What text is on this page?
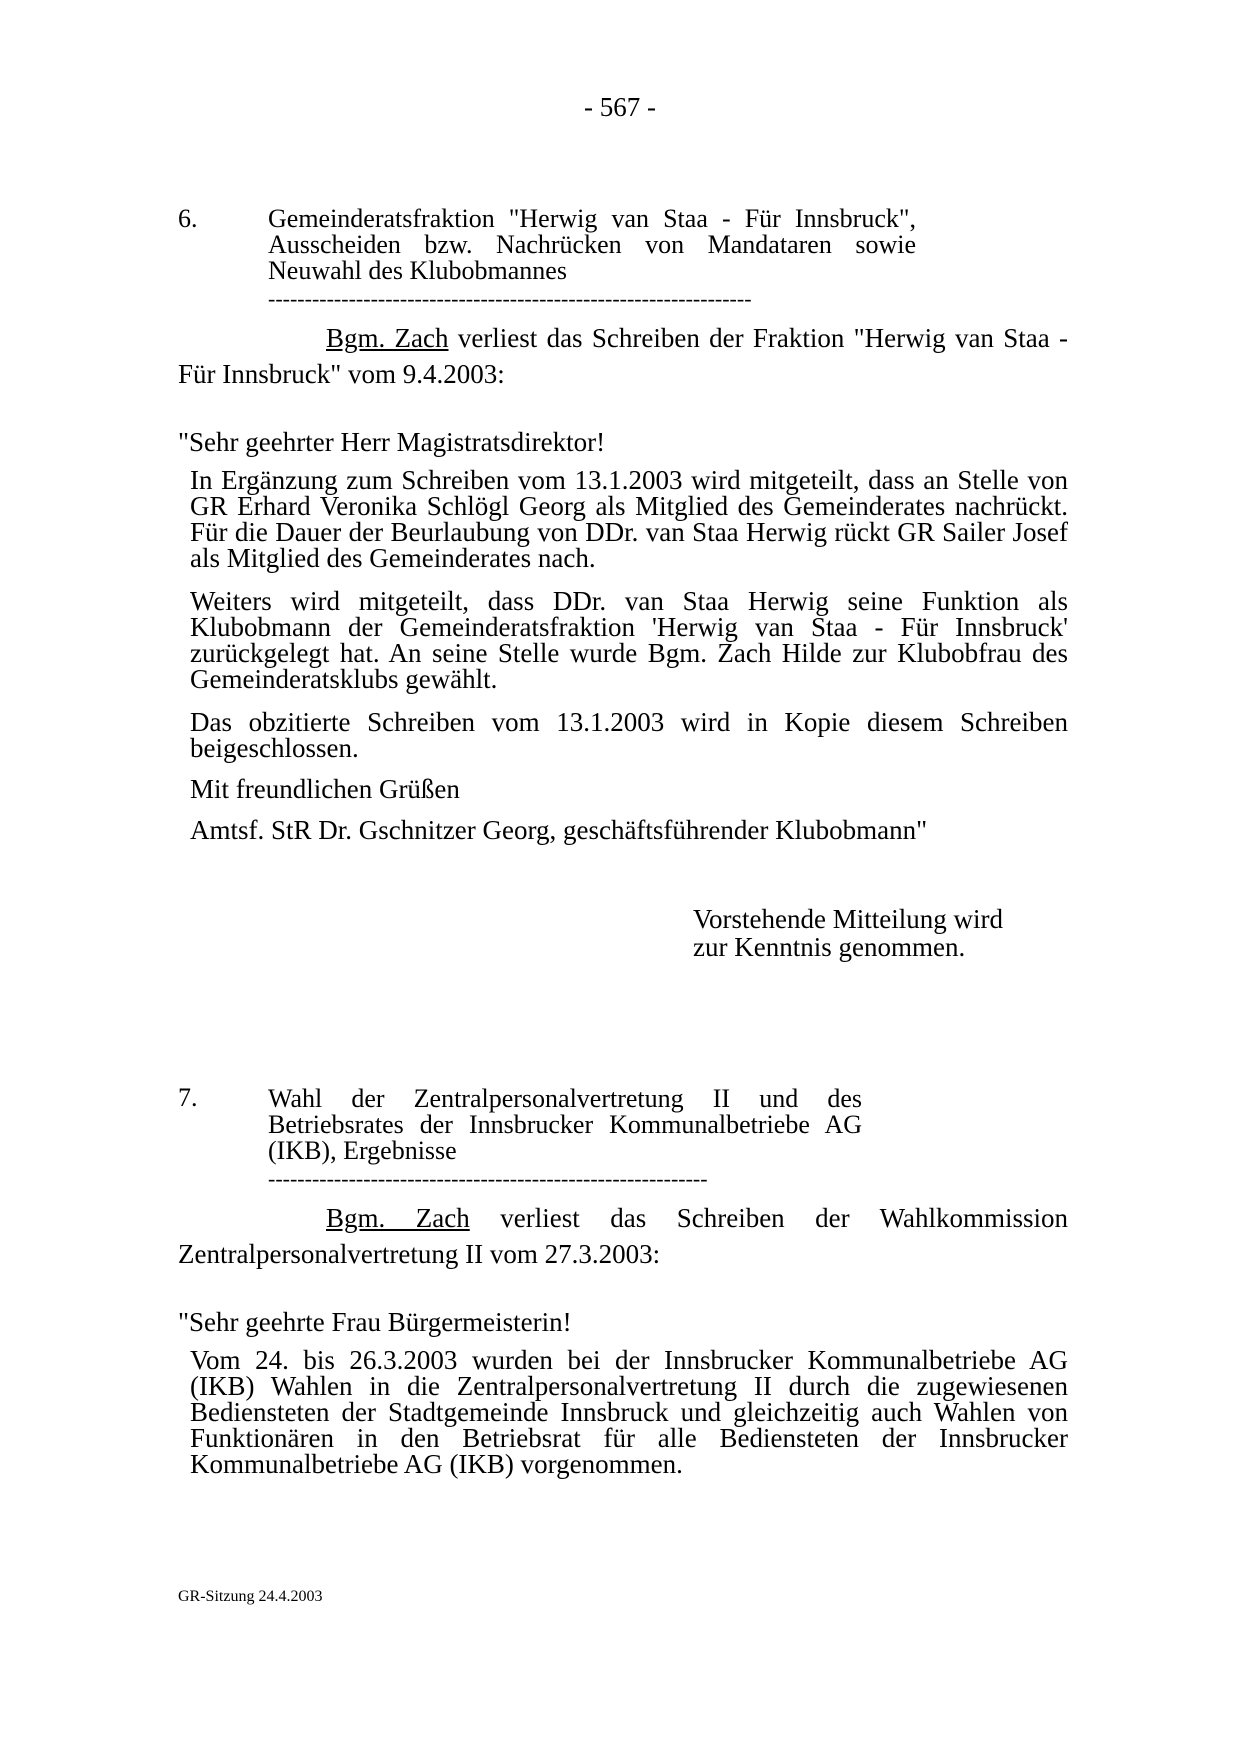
- 567 -
6.	Gemeinderatsfraktion "Herwig van Staa - Für Innsbruck", Ausscheiden bzw. Nachrücken von Mandataren sowie Neuwahl des Klubobmannes
------------------------------------------------------------------
Bgm. Zach verliest das Schreiben der Fraktion "Herwig van Staa - Für Innsbruck" vom 9.4.2003:
"Sehr geehrter Herr Magistratsdirektor!
In Ergänzung zum Schreiben vom 13.1.2003 wird mitgeteilt, dass an Stelle von GR Erhard Veronika Schlögl Georg als Mitglied des Gemeinderates nachrückt. Für die Dauer der Beurlaubung von DDr. van Staa Herwig rückt GR Sailer Josef als Mitglied des Gemeinderates nach.
Weiters wird mitgeteilt, dass DDr. van Staa Herwig seine Funktion als Klubobmann der Gemeinderatsfraktion 'Herwig van Staa - Für Innsbruck' zurückgelegt hat. An seine Stelle wurde Bgm. Zach Hilde zur Klubobfrau des Gemeinderatsklubs gewählt.
Das obzitierte Schreiben vom 13.1.2003 wird in Kopie diesem Schreiben beigeschlossen.
Mit freundlichen Grüßen
Amtsf. StR Dr. Gschnitzer Georg, geschäftsführender Klubobmann"
Vorstehende Mitteilung wird zur Kenntnis genommen.
7.	Wahl der Zentralpersonalvertretung II und des Betriebsrates der Innsbrucker Kommunalbetriebe AG (IKB), Ergebnisse
------------------------------------------------------------
Bgm. Zach verliest das Schreiben der Wahlkommission Zentralpersonalvertretung II vom 27.3.2003:
"Sehr geehrte Frau Bürgermeisterin!
Vom 24. bis 26.3.2003 wurden bei der Innsbrucker Kommunalbetriebe AG (IKB) Wahlen in die Zentralpersonalvertretung II durch die zugewiesenen Bediensteten der Stadtgemeinde Innsbruck und gleichzeitig auch Wahlen von Funktionären in den Betriebsrat für alle Bediensteten der Innsbrucker Kommunalbetriebe AG (IKB) vorgenommen.
GR-Sitzung 24.4.2003
